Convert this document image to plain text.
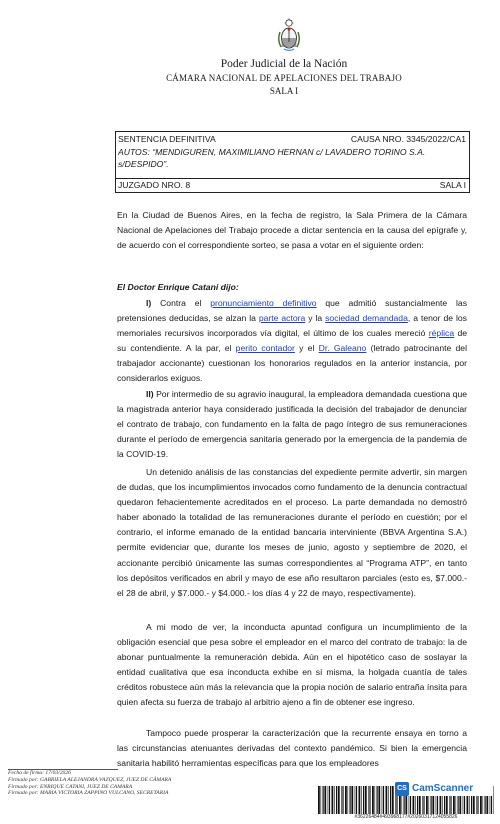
Poder Judicial de la Nación
CÁMARA NACIONAL DE APELACIONES DEL TRABAJO
SALA I
SENTENCIA DEFINITIVA	CAUSA NRO. 3345/2022/CA1
AUTOS: “MENDIGUREN, MAXIMILIANO HERNAN c/ LAVADERO TORINO S.A.
s/DESPIDO”.
JUZGADO NRO. 8	SALA I

En la Ciudad de Buenos Aires, en la fecha de registro, la Sala Primera de la Cámara Nacional de Apelaciones del Trabajo procede a dictar sentencia en la causa del epígrafe y, de acuerdo con el correspondiente sorteo, se pasa a votar en el siguiente orden:

El Doctor Enrique Catani dijo:

I) Contra el pronunciamiento definitivo que admitió sustancialmente las pretensiones deducidas, se alzan la parte actora y la sociedad demandada, a tenor de los memoriales recursivos incorporados vía digital, el último de los cuales mereció réplica de su contendiente. A la par, el perito contador y el Dr. Galeano (letrado patrocinante del trabajador accionante) cuestionan los honorarios regulados en la anterior instancia, por considerarlos exiguos.

II) Por intermedio de su agravio inaugural, la empleadora demandada cuestiona que la magistrada anterior haya considerado justificada la decisión del trabajador de denunciar el contrato de trabajo, con fundamento en la falta de pago íntegro de sus remuneraciones durante el período de emergencia sanitaria generado por la emergencia de la pandemia de la COVID-19.

Un detenido análisis de las constancias del expediente permite advertir, sin margen de dudas, que los incumplimientos invocados como fundamento de la denuncia contractual quedaron fehacientemente acreditados en el proceso. La parte demandada no demostró haber abonado la totalidad de las remuneraciones durante el período en cuestión; por el contrario, el informe emanado de la entidad bancaria interviniente (BBVA Argentina S.A.) permite evidenciar que, durante los meses de junio, agosto y septiembre de 2020, el accionante percibió únicamente las sumas correspondientes al “Programa ATP”, en tanto los depósitos verificados en abril y mayo de ese año resultaron parciales (esto es, $7.000.- el 28 de abril, y $7.000.- y $4.000.- los días 4 y 22 de mayo, respectivamente).

A mi modo de ver, la inconducta apuntad configura un incumplimiento de la obligación esencial que pesa sobre el empleador en el marco del contrato de trabajo: la de abonar puntualmente la remuneración debida. Aún en el hipotético caso de soslayar la entidad cualitativa que esa inconducta exhibe en sí misma, la holgada cuantía de tales créditos robustece aún más la relevancia que la propia noción de salario entraña ínsita para quien afecta su fuerza de trabajo al arbitrio ajeno a fin de obtener ese ingreso.

Tampoco puede prosperar la caracterización que la recurrente ensaya en torno a las circunstancias atenuantes derivadas del contexto pandémico. Si bien la emergencia sanitaria habilitó herramientas específicas para que los empleadores

Fecha de firma: 17/03/2026
Firmado por: GABRIELA ALEJANDRA VAZQUEZ, JUEZ DE CÁMARA
Firmado por: ENRIQUE CATANI, JUEZ DE CAMARA
Firmado por: MARIA VICTORIA ZAPPINO VULCANO, SECRETARIA
#36226484#493968177#20260317124055826
CS CamScanner
